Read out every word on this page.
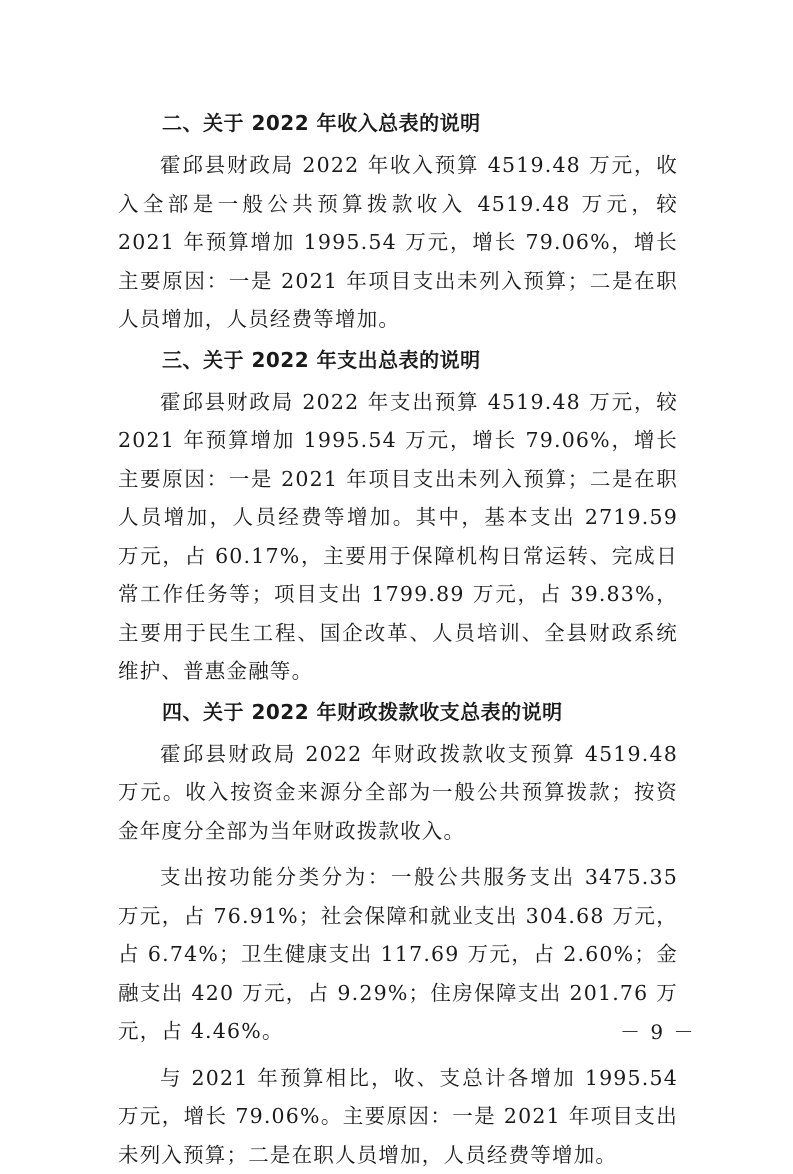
二、关于 2022 年收入总表的说明

霍邱县财政局 2022 年收入预算 4519.48 万元，收入全部是一般公共预算拨款收入 4519.48 万元，较 2021 年预算增加 1995.54 万元，增长 79.06%，增长主要原因：一是 2021 年项目支出未列入预算；二是在职人员增加，人员经费等增加。

三、关于 2022 年支出总表的说明

霍邱县财政局 2022 年支出预算 4519.48 万元，较 2021 年预算增加 1995.54 万元，增长 79.06%，增长主要原因：一是 2021 年项目支出未列入预算；二是在职人员增加，人员经费等增加。其中，基本支出 2719.59 万元，占 60.17%，主要用于保障机构日常运转、完成日常工作任务等；项目支出 1799.89 万元，占 39.83%，主要用于民生工程、国企改革、人员培训、全县财政系统维护、普惠金融等。

四、关于 2022 年财政拨款收支总表的说明

霍邱县财政局 2022 年财政拨款收支预算 4519.48 万元。收入按资金来源分全部为一般公共预算拨款；按资金年度分全部为当年财政拨款收入。

支出按功能分类分为：一般公共服务支出 3475.35 万元，占 76.91%；社会保障和就业支出 304.68 万元，占 6.74%；卫生健康支出 117.69 万元，占 2.60%；金融支出 420 万元，占 9.29%；住房保障支出 201.76 万元，占 4.46%。

与 2021 年预算相比，收、支总计各增加 1995.54 万元，增长 79.06%。主要原因：一是 2021 年项目支出未列入预算；二是在职人员增加，人员经费等增加。

－ 9 －
